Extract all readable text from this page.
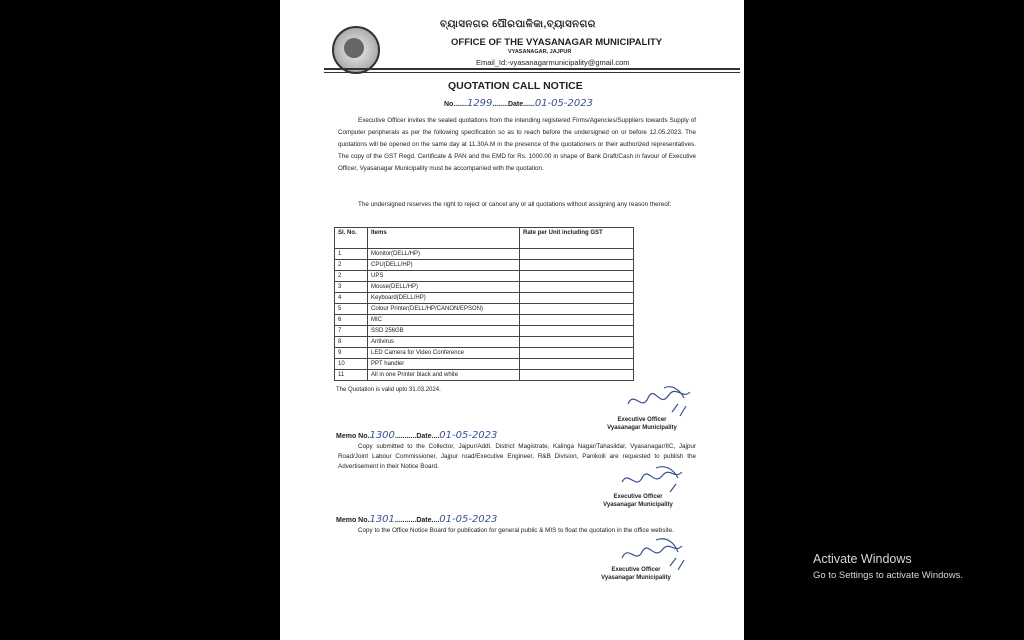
ବ୍ୟାସନଗର ପୌରପାଳିକା,ବ୍ୟାସନଗର
OFFICE OF THE VYASANAGAR MUNICIPALITY
VYASANAGAR, JAJPUR
Email_Id:-vyasanagarmunicipality@gmail.com
QUOTATION CALL NOTICE
No.......1299........Date......01-05-2023
Executive Officer invites the sealed quotations from the intending registered Firms/Agencies/Suppliers towards Supply of Computer peripherals as per the following specification so as to reach before the undersigned on or before 12.05.2023. The quotations will be opened on the same day at 11.30A.M in the presence of the quotationers or their authorized representatives. The copy of the GST Regd. Certificate & PAN and the EMD for Rs. 1000.00 in shape of Bank Draft/Cash in favour of Executive Officer, Vyasanagar Municipality must be accompanied with the quotation.
The undersigned reserves the right to reject or cancel any or all quotations without assigning any reason thereof.
Sl. No.	Items	Rate per Unit including GST
1	Monitor(DELL/HP)	
2	CPU(DELL/HP)	
2	UPS	
3	Mouse(DELL/HP)	
4	Keyboard(DELL/HP)	
5	Colour Printer(DELL/HP/CANON/EPSON)	
6	MIC	
7	SSD 256GB	
8	Antivirus	
9	LED Camera for Video Conference	
10	PPT handler	
11	All in one Printer black and white	
The Quotation is valid upto 31.03.2024.
Executive Officer
Vyasanagar Municipality
Memo No.1300...........Date....01-05-2023
Copy submitted to the Collector, Jajpur/Addl. District Magistrate, Kalinga Nagar/Tahasildar, Vyasanagar/IIC, Jajpur Road/Joint Labour Commissioner, Jajpur road/Executive Engineer, R&B Division, Panikoili are requested to publish the Advertisement in their Notice Board.
Executive Officer
Vyasanagar Municipality
Memo No.1301...........Date....01-05-2023
Copy to the Office Notice Board for publication for general public & MIS to float the quotation in the office website.
Executive Officer
Vyasanagar Municipality
Activate Windows
Go to Settings to activate Windows.
